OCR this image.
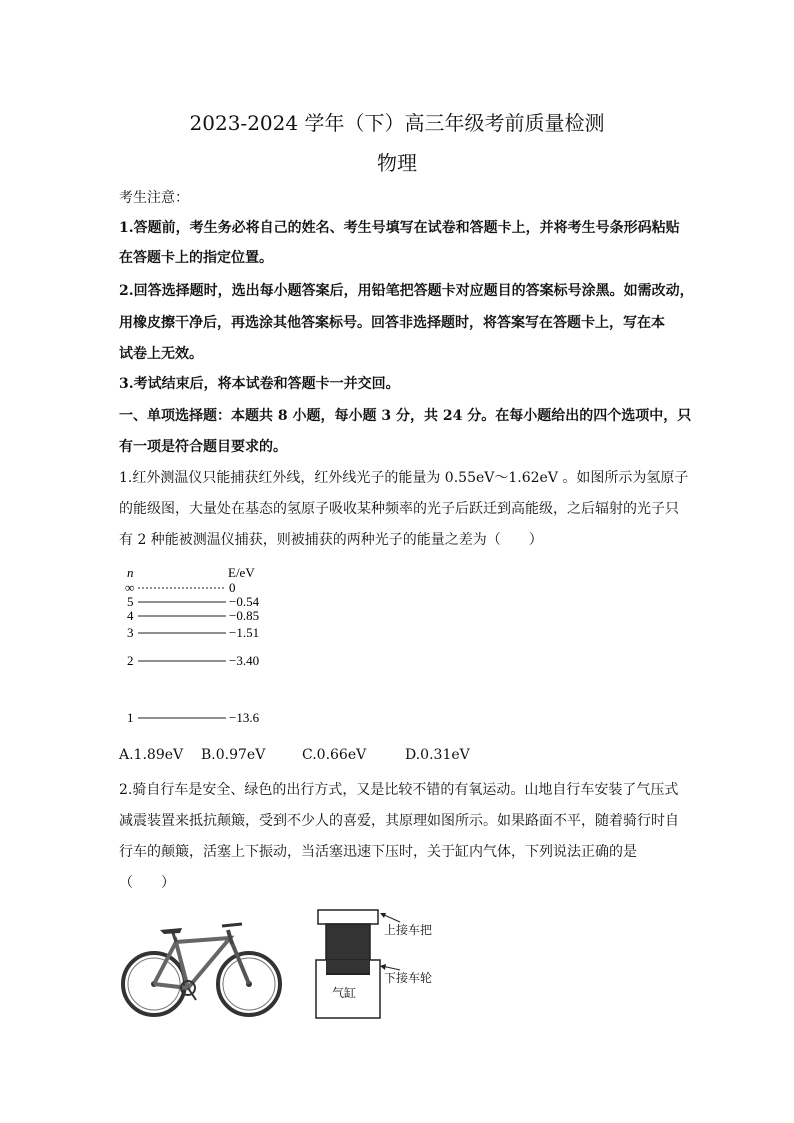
2023-2024 学年（下）高三年级考前质量检测
物理
考生注意：
1.答题前，考生务必将自己的姓名、考生号填写在试卷和答题卡上，并将考生号条形码粘贴
在答题卡上的指定位置。
2.回答选择题时，选出每小题答案后，用铅笔把答题卡对应题目的答案标号涂黑。如需改动，
用橡皮擦干净后，再选涂其他答案标号。回答非选择题时，将答案写在答题卡上，写在本
试卷上无效。
3.考试结束后，将本试卷和答题卡一并交回。
一、单项选择题：本题共 8 小题，每小题 3 分，共 24 分。在每小题给出的四个选项中，只
有一项是符合题目要求的。
1.红外测温仪只能捕获红外线，红外线光子的能量为 0.55eV～1.62eV 。如图所示为氢原子
的能级图，大量处在基态的氢原子吸收某种频率的光子后跃迁到高能级，之后辐射的光子只
有 2 种能被测温仪捕获，则被捕获的两种光子的能量之差为（　　）
n	E/eV
∞	0
5	−0.54
4	−0.85
3	−1.51
2	−3.40
1	−13.6
A.1.89eV B.0.97eV	C.0.66eV	D.0.31eV
2.骑自行车是安全、绿色的出行方式，又是比较不错的有氧运动。山地自行车安装了气压式
减震装置来抵抗颠簸，受到不少人的喜爱，其原理如图所示。如果路面不平，随着骑行时自
行车的颠簸，活塞上下振动，当活塞迅速下压时，关于缸内气体，下列说法正确的是
（　　）
气缸
上接车把
下接车轮
